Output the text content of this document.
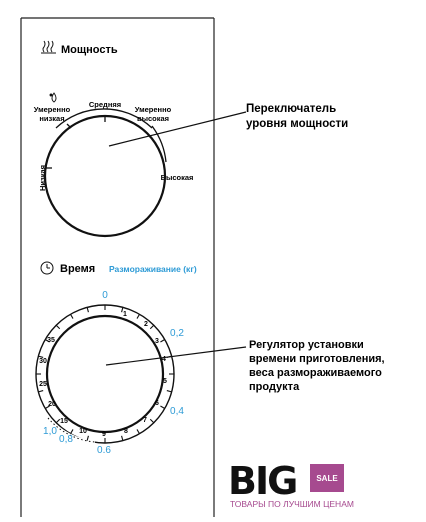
Мощность
Умеренно
низкая
Средняя
Умеренно
высокая
Высокая
Низкая
Переключатель
уровня мощности
Время Разморaживание (кг)
1
2
3
4
5
6
7
8
9
10
15
20
25
30
35
0
0,2
0,4
0.6
0,8
1,0
Регулятор установки
времени приготовления,
веса размораживаемого
продукта
BIG	SALE
ТОВАРЫ ПО ЛУЧШИМ ЦЕНАМ
